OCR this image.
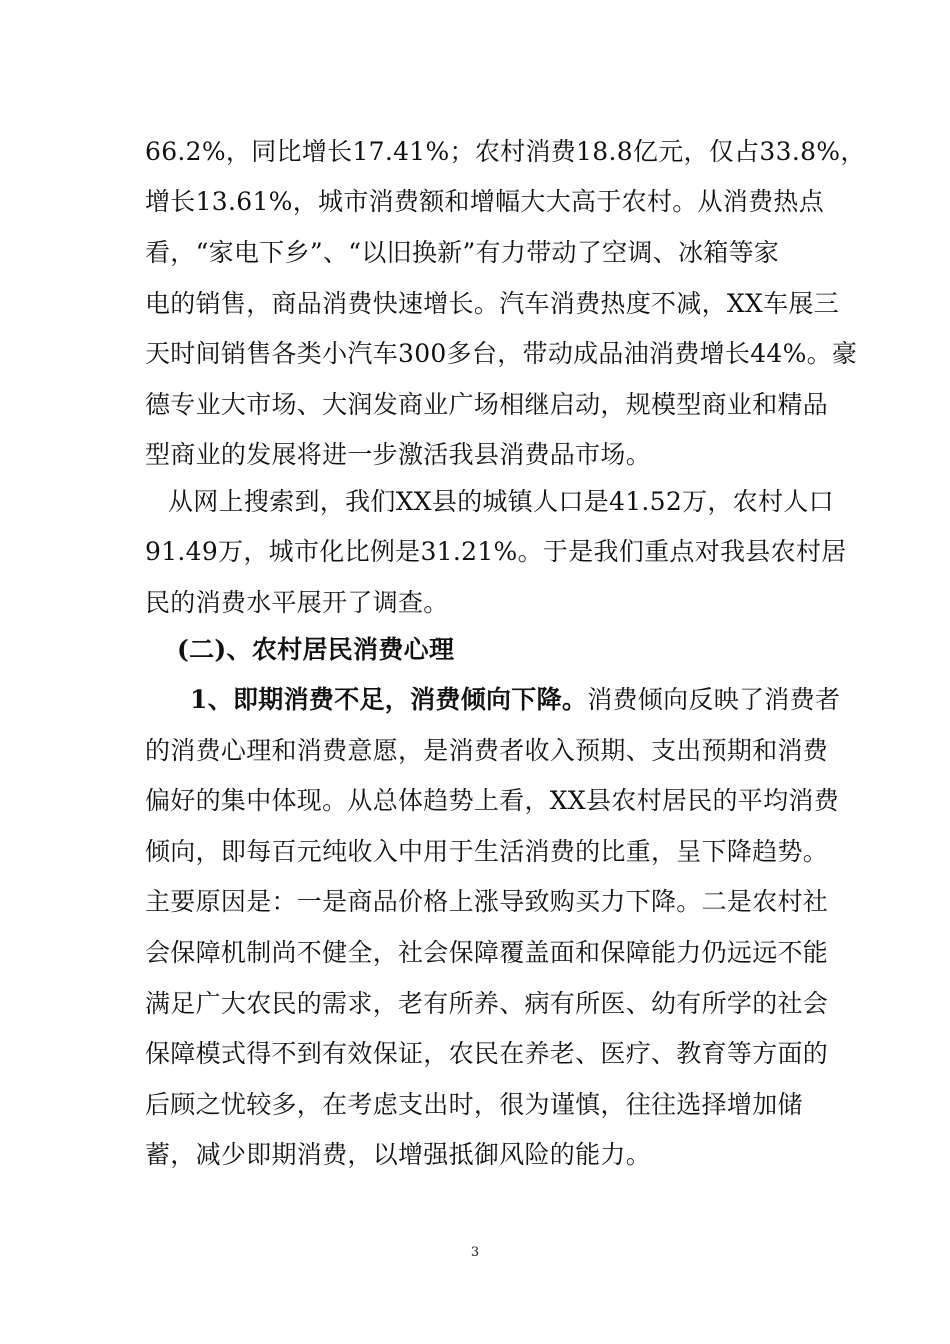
66.2%，同比增长17.41%；农村消费18.8亿元，仅占33.8%，
增长13.61%，城市消费额和增幅大大高于农村。从消费热点
看，“家电下乡”、“以旧换新”有力带动了空调、冰箱等家
电的销售，商品消费快速增长。汽车消费热度不减，XX车展三
天时间销售各类小汽车300多台，带动成品油消费增长44%。豪
德专业大市场、大润发商业广场相继启动，规模型商业和精品
型商业的发展将进一步激活我县消费品市场。
从网上搜索到，我们XX县的城镇人口是41.52万，农村人口
91.49万，城市化比例是31.21%。于是我们重点对我县农村居
民的消费水平展开了调查。
(二)、农村居民消费心理
1、即期消费不足，消费倾向下降。消费倾向反映了消费者
的消费心理和消费意愿，是消费者收入预期、支出预期和消费
偏好的集中体现。从总体趋势上看，XX县农村居民的平均消费
倾向，即每百元纯收入中用于生活消费的比重，呈下降趋势。
主要原因是：一是商品价格上涨导致购买力下降。二是农村社
会保障机制尚不健全，社会保障覆盖面和保障能力仍远远不能
满足广大农民的需求，老有所养、病有所医、幼有所学的社会
保障模式得不到有效保证，农民在养老、医疗、教育等方面的
后顾之忧较多，在考虑支出时，很为谨慎，往往选择增加储
蓄，减少即期消费，以增强抵御风险的能力。
3
